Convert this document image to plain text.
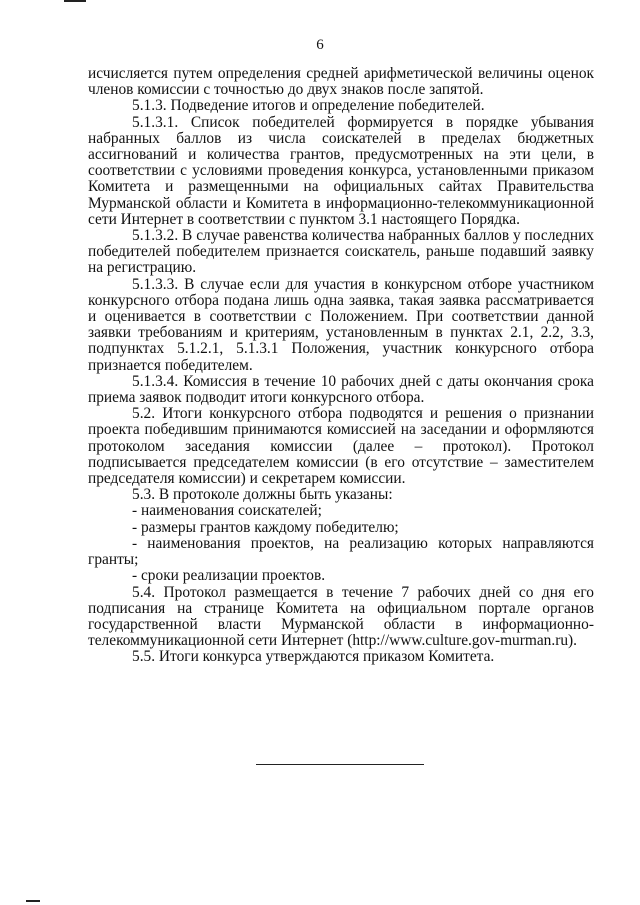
6

исчисляется путем определения средней арифметической величины оценок членов комиссии с точностью до двух знаков после запятой.

5.1.3. Подведение итогов и определение победителей.

5.1.3.1. Список победителей формируется в порядке убывания набранных баллов из числа соискателей в пределах бюджетных ассигнований и количества грантов, предусмотренных на эти цели, в соответствии с условиями проведения конкурса, установленными приказом Комитета и размещенными на официальных сайтах Правительства Мурманской области и Комитета в информационно-телекоммуникационной сети Интернет в соответствии с пунктом 3.1 настоящего Порядка.

5.1.3.2. В случае равенства количества набранных баллов у последних победителей победителем признается соискатель, раньше подавший заявку на регистрацию.

5.1.3.3. В случае если для участия в конкурсном отборе участником конкурсного отбора подана лишь одна заявка, такая заявка рассматривается и оценивается в соответствии с Положением. При соответствии данной заявки требованиям и критериям, установленным в пунктах 2.1, 2.2, 3.3, подпунктах 5.1.2.1, 5.1.3.1 Положения, участник конкурсного отбора признается победителем.

5.1.3.4. Комиссия в течение 10 рабочих дней с даты окончания срока приема заявок подводит итоги конкурсного отбора.

5.2. Итоги конкурсного отбора подводятся и решения о признании проекта победившим принимаются комиссией на заседании и оформляются протоколом заседания комиссии (далее – протокол). Протокол подписывается председателем комиссии (в его отсутствие – заместителем председателя комиссии) и секретарем комиссии.

5.3. В протоколе должны быть указаны:

- наименования соискателей;

- размеры грантов каждому победителю;

- наименования проектов, на реализацию которых направляются гранты;

- сроки реализации проектов.

5.4. Протокол размещается в течение 7 рабочих дней со дня его подписания на странице Комитета на официальном портале органов государственной власти Мурманской области в информационно-телекоммуникационной сети Интернет (http://www.culture.gov-murman.ru).

5.5. Итоги конкурса утверждаются приказом Комитета.
